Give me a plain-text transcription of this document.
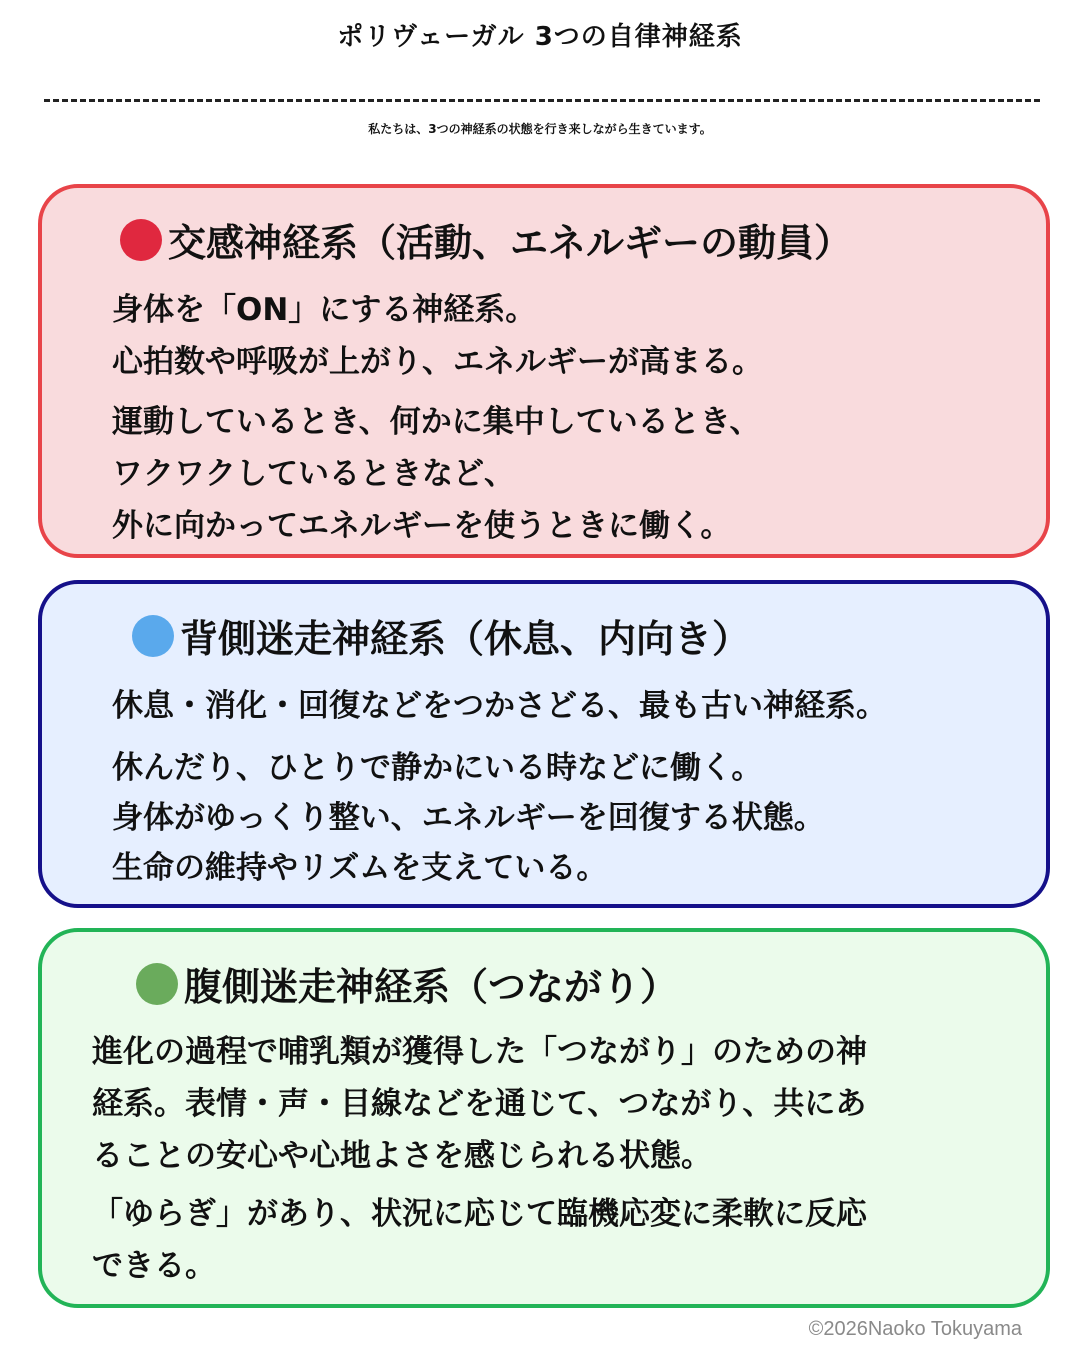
ポリヴェーガル 3つの自律神経系
私たちは、3つの神経系の状態を行き来しながら生きています。
交感神経系（活動、エネルギーの動員）
身体を「ON」にする神経系。
心拍数や呼吸が上がり、エネルギーが高まる。
運動しているとき、何かに集中しているとき、
ワクワクしているときなど、
外に向かってエネルギーを使うときに働く。
背側迷走神経系（休息、内向き）
休息・消化・回復などをつかさどる、最も古い神経系。
休んだり、ひとりで静かにいる時などに働く。
身体がゆっくり整い、エネルギーを回復する状態。
生命の維持やリズムを支えている。
腹側迷走神経系（つながり）
進化の過程で哺乳類が獲得した「つながり」のための神
経系。表情・声・目線などを通じて、つながり、共にあ
ることの安心や心地よさを感じられる状態。
「ゆらぎ」があり、状況に応じて臨機応変に柔軟に反応
できる。
©2026Naoko Tokuyama
